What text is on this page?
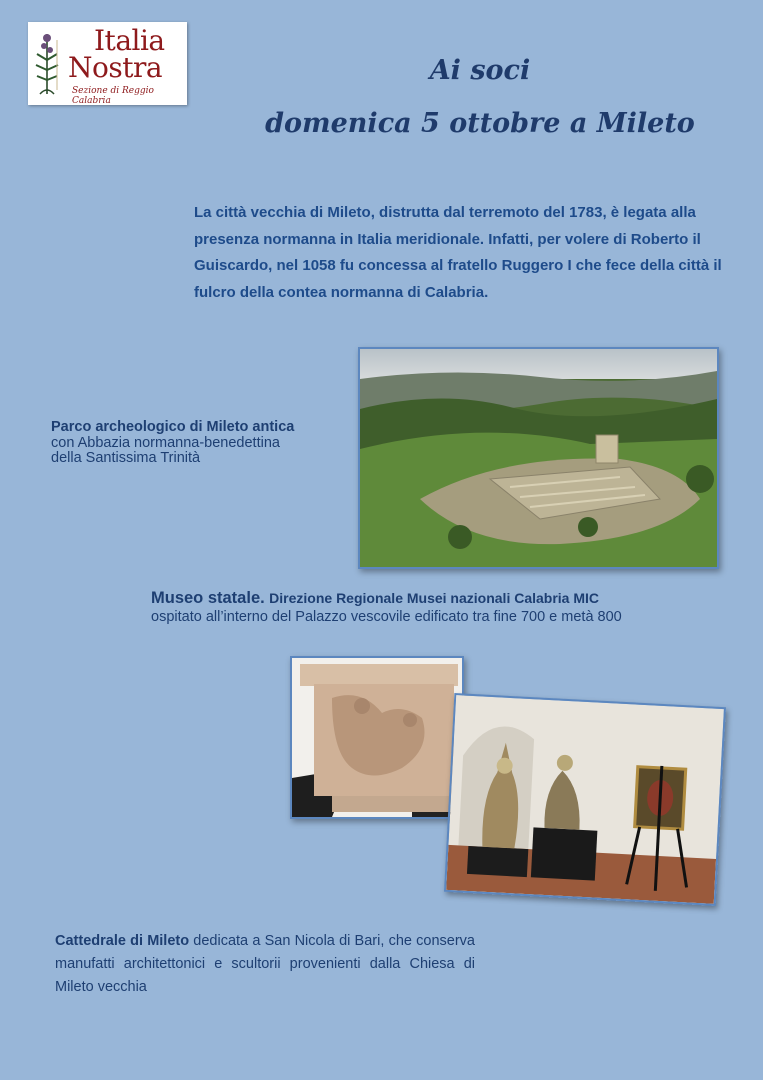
Italia

Nostra

Sezione di Reggio Calabria

Ai soci
domenica 5 ottobre a Mileto

La città vecchia di Mileto, distrutta dal terremoto del 1783, è legata alla presenza normanna in Italia meridionale. Infatti, per volere di Roberto il Guiscardo, nel 1058 fu concessa al fratello Ruggero I che fece della città il fulcro della contea normanna di Calabria.

Parco archeologico di Mileto antica

con Abbazia normanna-benedettina

della Santissima Trinità

Museo statale. Direzione Regionale Musei nazionali Calabria MIC

ospitato all’interno del Palazzo vescovile edificato tra fine 700 e metà 800

Cattedrale di Mileto dedicata a San Nicola di Bari, che conserva manufatti architettonici e scultorii provenienti dalla Chiesa di Mileto vecchia
